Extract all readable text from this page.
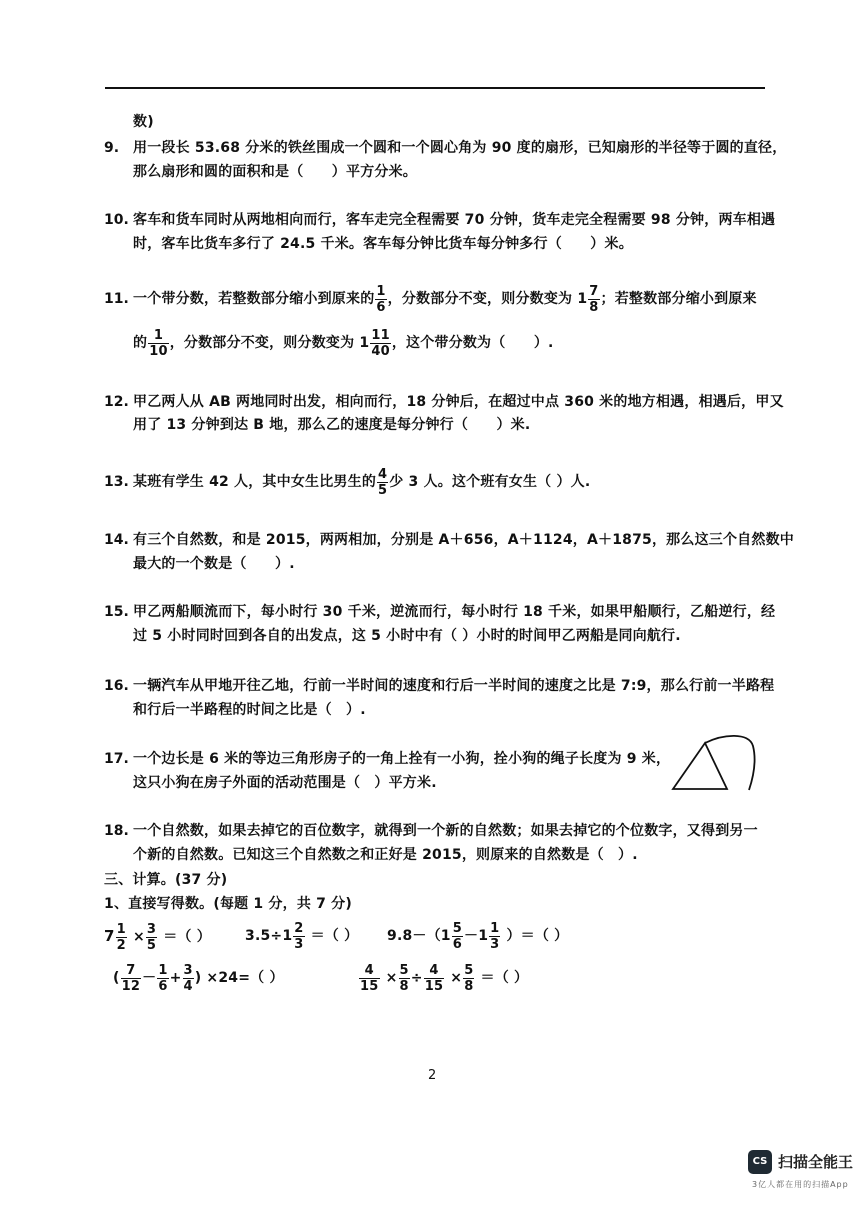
数)
9. 用一段长 53.68 分米的铁丝围成一个圆和一个圆心角为 90 度的扇形，已知扇形的半径等于圆的直径，
那么扇形和圆的面积和是（　　）平方分米。
10. 客车和货车同时从两地相向而行，客车走完全程需要 70 分钟，货车走完全程需要 98 分钟，两车相遇
时，客车比货车多行了 24.5 千米。客车每分钟比货车每分钟多行（　　）米。
11. 一个带分数，若整数部分缩小到原来的 $\frac{1}{6}$ ，分数部分不变，则分数变为 $1 \frac{7}{8}$ ；若整数部分缩小到原来
的 $\frac{1}{10}$ ，分数部分不变，则分数变为 $1 \frac{11}{40}$ ，这个带分数为（　　）.
12. 甲乙两人从 AB 两地同时出发，相向而行，18 分钟后，在超过中点 360 米的地方相遇，相遇后，甲又
用了 13 分钟到达 B 地，那么乙的速度是每分钟行（　　）米.
13. 某班有学生 42 人，其中女生比男生的 $\frac{4}{5}$ 少 3 人。这个班有女生（ ）人.
14. 有三个自然数，和是 2015，两两相加，分别是 A＋656，A＋1124，A＋1875，那么这三个自然数中
最大的一个数是（　　）.
15. 甲乙两船顺流而下，每小时行 30 千米，逆流而行，每小时行 18 千米，如果甲船顺行，乙船逆行，经
过 5 小时同时回到各自的出发点，这 5 小时中有（ ）小时的时间甲乙两船是同向航行.
16. 一辆汽车从甲地开往乙地，行前一半时间的速度和行后一半时间的速度之比是 7:9，那么行前一半路程
和行后一半路程的时间之比是（　）.
17. 一个边长是 6 米的等边三角形房子的一角上拴有一小狗，拴小狗的绳子长度为 9 米，
这只小狗在房子外面的活动范围是（　）平方米.
18. 一个自然数，如果去掉它的百位数字，就得到一个新的自然数；如果去掉它的个位数字，又得到另一
个新的自然数。已知这三个自然数之和正好是 2015，则原来的自然数是（　）.
三、计算。(37 分)
1、直接写得数。(每题 1 分，共 7 分)
$7 \frac{1}{2} \times \frac{3}{5}$ ＝（ ） $3.5\div 1 \frac{2}{3}$ ＝（ ） $9.8-(1 \frac{5}{6} -1 \frac{1}{3}$ ）＝（ ）
( $\frac{7}{12} - \frac{1}{6} + \frac{3}{4}$ ) ×24=（ ）	$\frac{4}{15} \times \frac{5}{8} \div \frac{4}{15} \times \frac{5}{8}$ ＝（ ）
2
CS 扫描全能王
3亿人都在用的扫描App
